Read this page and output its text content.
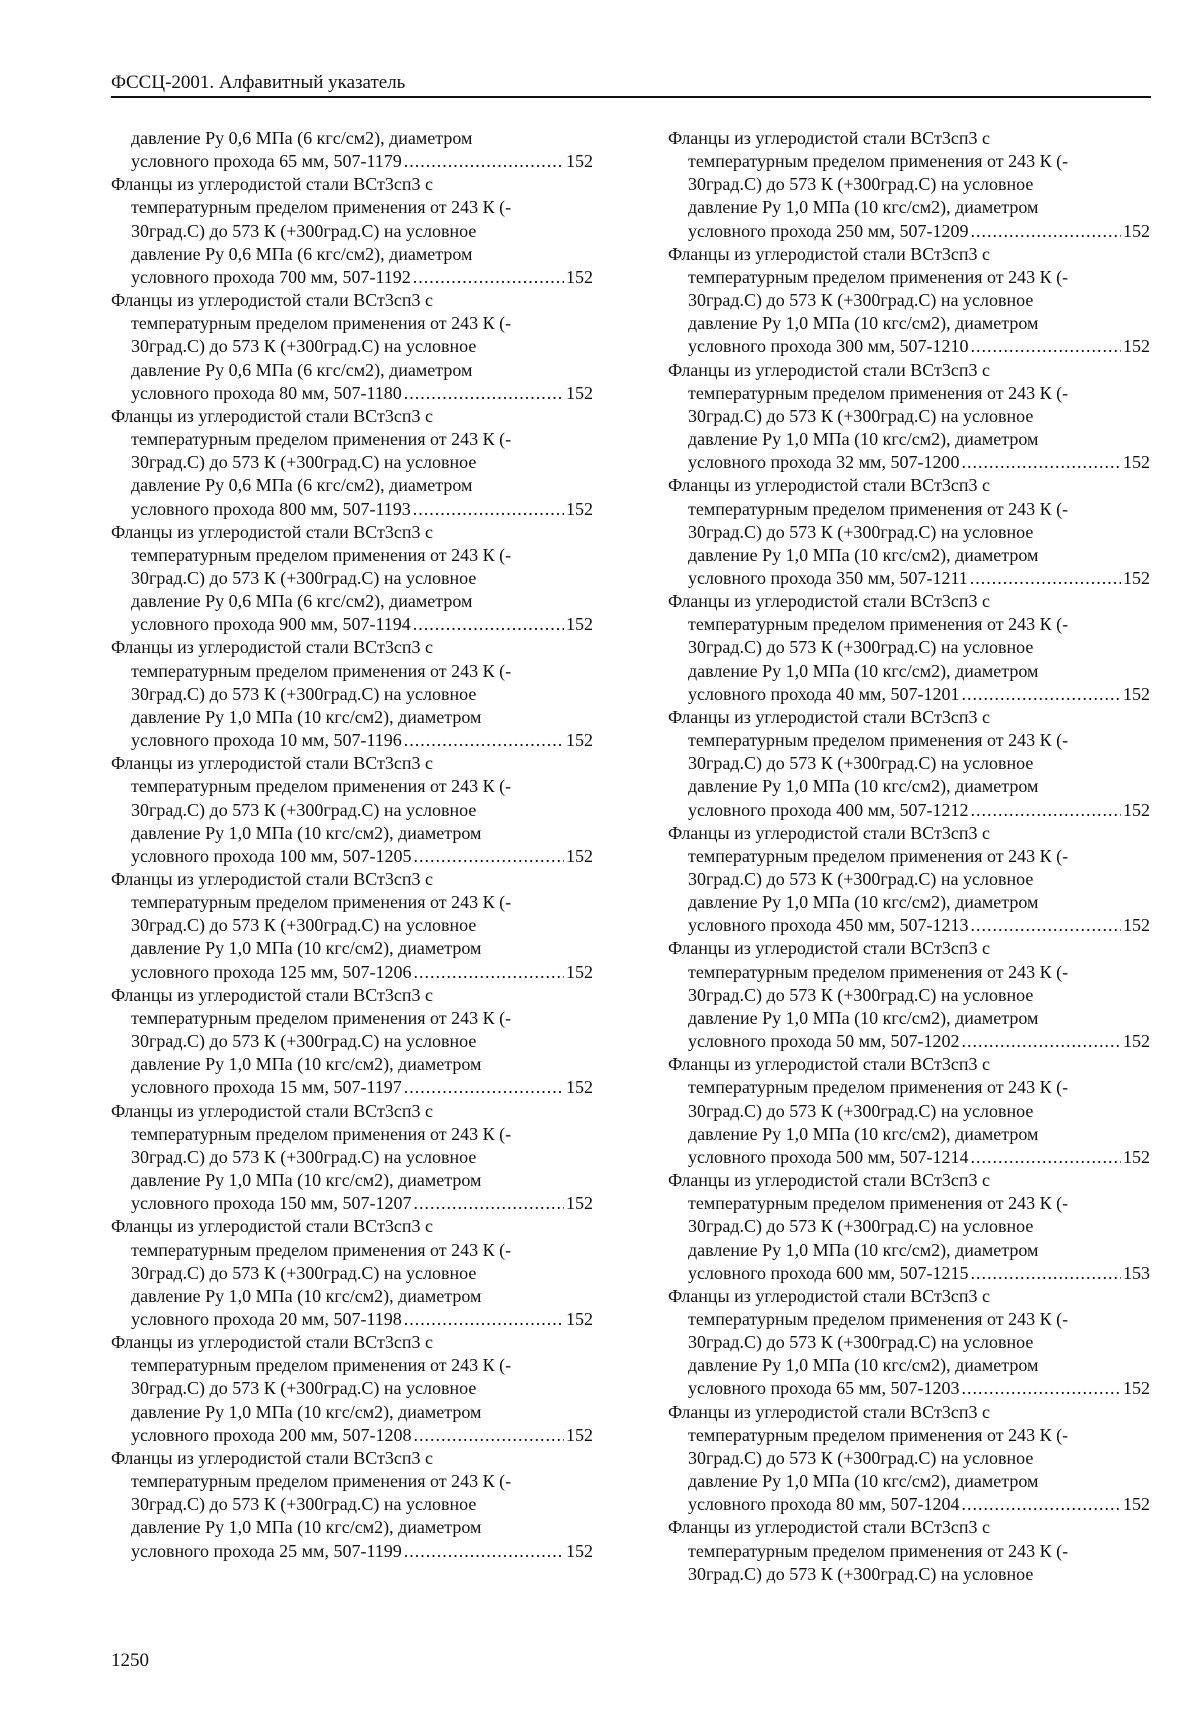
ФССЦ-2001. Алфавитный указатель
давление Ру 0,6 МПа (6 кгс/см2), диаметром
условного прохода 65 мм, 507-1179 .....	152
Фланцы из углеродистой стали ВСт3сп3 с
температурным пределом применения от 243 К (-
30град.С) до 573 К (+300град.С) на условное
давление Ру 0,6 МПа (6 кгс/см2), диаметром
условного прохода 700 мм, 507-1192 .....	152
Фланцы из углеродистой стали ВСт3сп3 с
температурным пределом применения от 243 К (-
30град.С) до 573 К (+300град.С) на условное
давление Ру 0,6 МПа (6 кгс/см2), диаметром
условного прохода 80 мм, 507-1180 .....	152
Фланцы из углеродистой стали ВСт3сп3 с
температурным пределом применения от 243 К (-
30град.С) до 573 К (+300град.С) на условное
давление Ру 0,6 МПа (6 кгс/см2), диаметром
условного прохода 800 мм, 507-1193 .....	152
Фланцы из углеродистой стали ВСт3сп3 с
температурным пределом применения от 243 К (-
30град.С) до 573 К (+300град.С) на условное
давление Ру 0,6 МПа (6 кгс/см2), диаметром
условного прохода 900 мм, 507-1194 .....	152
Фланцы из углеродистой стали ВСт3сп3 с
температурным пределом применения от 243 К (-
30град.С) до 573 К (+300град.С) на условное
давление Ру 1,0 МПа (10 кгс/см2), диаметром
условного прохода 10 мм, 507-1196 .....	152
Фланцы из углеродистой стали ВСт3сп3 с
температурным пределом применения от 243 К (-
30град.С) до 573 К (+300град.С) на условное
давление Ру 1,0 МПа (10 кгс/см2), диаметром
условного прохода 100 мм, 507-1205 .....	152
Фланцы из углеродистой стали ВСт3сп3 с
температурным пределом применения от 243 К (-
30град.С) до 573 К (+300град.С) на условное
давление Ру 1,0 МПа (10 кгс/см2), диаметром
условного прохода 125 мм, 507-1206 .....	152
Фланцы из углеродистой стали ВСт3сп3 с
температурным пределом применения от 243 К (-
30град.С) до 573 К (+300град.С) на условное
давление Ру 1,0 МПа (10 кгс/см2), диаметром
условного прохода 15 мм, 507-1197 .....	152
Фланцы из углеродистой стали ВСт3сп3 с
температурным пределом применения от 243 К (-
30град.С) до 573 К (+300град.С) на условное
давление Ру 1,0 МПа (10 кгс/см2), диаметром
условного прохода 150 мм, 507-1207 .....	152
Фланцы из углеродистой стали ВСт3сп3 с
температурным пределом применения от 243 К (-
30град.С) до 573 К (+300град.С) на условное
давление Ру 1,0 МПа (10 кгс/см2), диаметром
условного прохода 20 мм, 507-1198 .....	152
Фланцы из углеродистой стали ВСт3сп3 с
температурным пределом применения от 243 К (-
30град.С) до 573 К (+300град.С) на условное
давление Ру 1,0 МПа (10 кгс/см2), диаметром
условного прохода 200 мм, 507-1208 .....	152
Фланцы из углеродистой стали ВСт3сп3 с
температурным пределом применения от 243 К (-
30град.С) до 573 К (+300град.С) на условное
давление Ру 1,0 МПа (10 кгс/см2), диаметром
условного прохода 25 мм, 507-1199 .....	152
Фланцы из углеродистой стали ВСт3сп3 с
температурным пределом применения от 243 К (-
30град.С) до 573 К (+300град.С) на условное
давление Ру 1,0 МПа (10 кгс/см2), диаметром
условного прохода 250 мм, 507-1209 .....	152
Фланцы из углеродистой стали ВСт3сп3 с
температурным пределом применения от 243 К (-
30град.С) до 573 К (+300град.С) на условное
давление Ру 1,0 МПа (10 кгс/см2), диаметром
условного прохода 300 мм, 507-1210 .....	152
Фланцы из углеродистой стали ВСт3сп3 с
температурным пределом применения от 243 К (-
30град.С) до 573 К (+300град.С) на условное
давление Ру 1,0 МПа (10 кгс/см2), диаметром
условного прохода 32 мм, 507-1200 .....	152
Фланцы из углеродистой стали ВСт3сп3 с
температурным пределом применения от 243 К (-
30град.С) до 573 К (+300град.С) на условное
давление Ру 1,0 МПа (10 кгс/см2), диаметром
условного прохода 350 мм, 507-1211 .....	152
Фланцы из углеродистой стали ВСт3сп3 с
температурным пределом применения от 243 К (-
30град.С) до 573 К (+300град.С) на условное
давление Ру 1,0 МПа (10 кгс/см2), диаметром
условного прохода 40 мм, 507-1201 .....	152
Фланцы из углеродистой стали ВСт3сп3 с
температурным пределом применения от 243 К (-
30град.С) до 573 К (+300град.С) на условное
давление Ру 1,0 МПа (10 кгс/см2), диаметром
условного прохода 400 мм, 507-1212 .....	152
Фланцы из углеродистой стали ВСт3сп3 с
температурным пределом применения от 243 К (-
30град.С) до 573 К (+300град.С) на условное
давление Ру 1,0 МПа (10 кгс/см2), диаметром
условного прохода 450 мм, 507-1213 .....	152
Фланцы из углеродистой стали ВСт3сп3 с
температурным пределом применения от 243 К (-
30град.С) до 573 К (+300град.С) на условное
давление Ру 1,0 МПа (10 кгс/см2), диаметром
условного прохода 50 мм, 507-1202 .....	152
Фланцы из углеродистой стали ВСт3сп3 с
температурным пределом применения от 243 К (-
30град.С) до 573 К (+300град.С) на условное
давление Ру 1,0 МПа (10 кгс/см2), диаметром
условного прохода 500 мм, 507-1214 .....	152
Фланцы из углеродистой стали ВСт3сп3 с
температурным пределом применения от 243 К (-
30град.С) до 573 К (+300град.С) на условное
давление Ру 1,0 МПа (10 кгс/см2), диаметром
условного прохода 600 мм, 507-1215 .....	153
Фланцы из углеродистой стали ВСт3сп3 с
температурным пределом применения от 243 К (-
30град.С) до 573 К (+300град.С) на условное
давление Ру 1,0 МПа (10 кгс/см2), диаметром
условного прохода 65 мм, 507-1203 .....	152
Фланцы из углеродистой стали ВСт3сп3 с
температурным пределом применения от 243 К (-
30град.С) до 573 К (+300град.С) на условное
давление Ру 1,0 МПа (10 кгс/см2), диаметром
условного прохода 80 мм, 507-1204 .....	152
Фланцы из углеродистой стали ВСт3сп3 с
температурным пределом применения от 243 К (-
30град.С) до 573 К (+300град.С) на условное
1250
